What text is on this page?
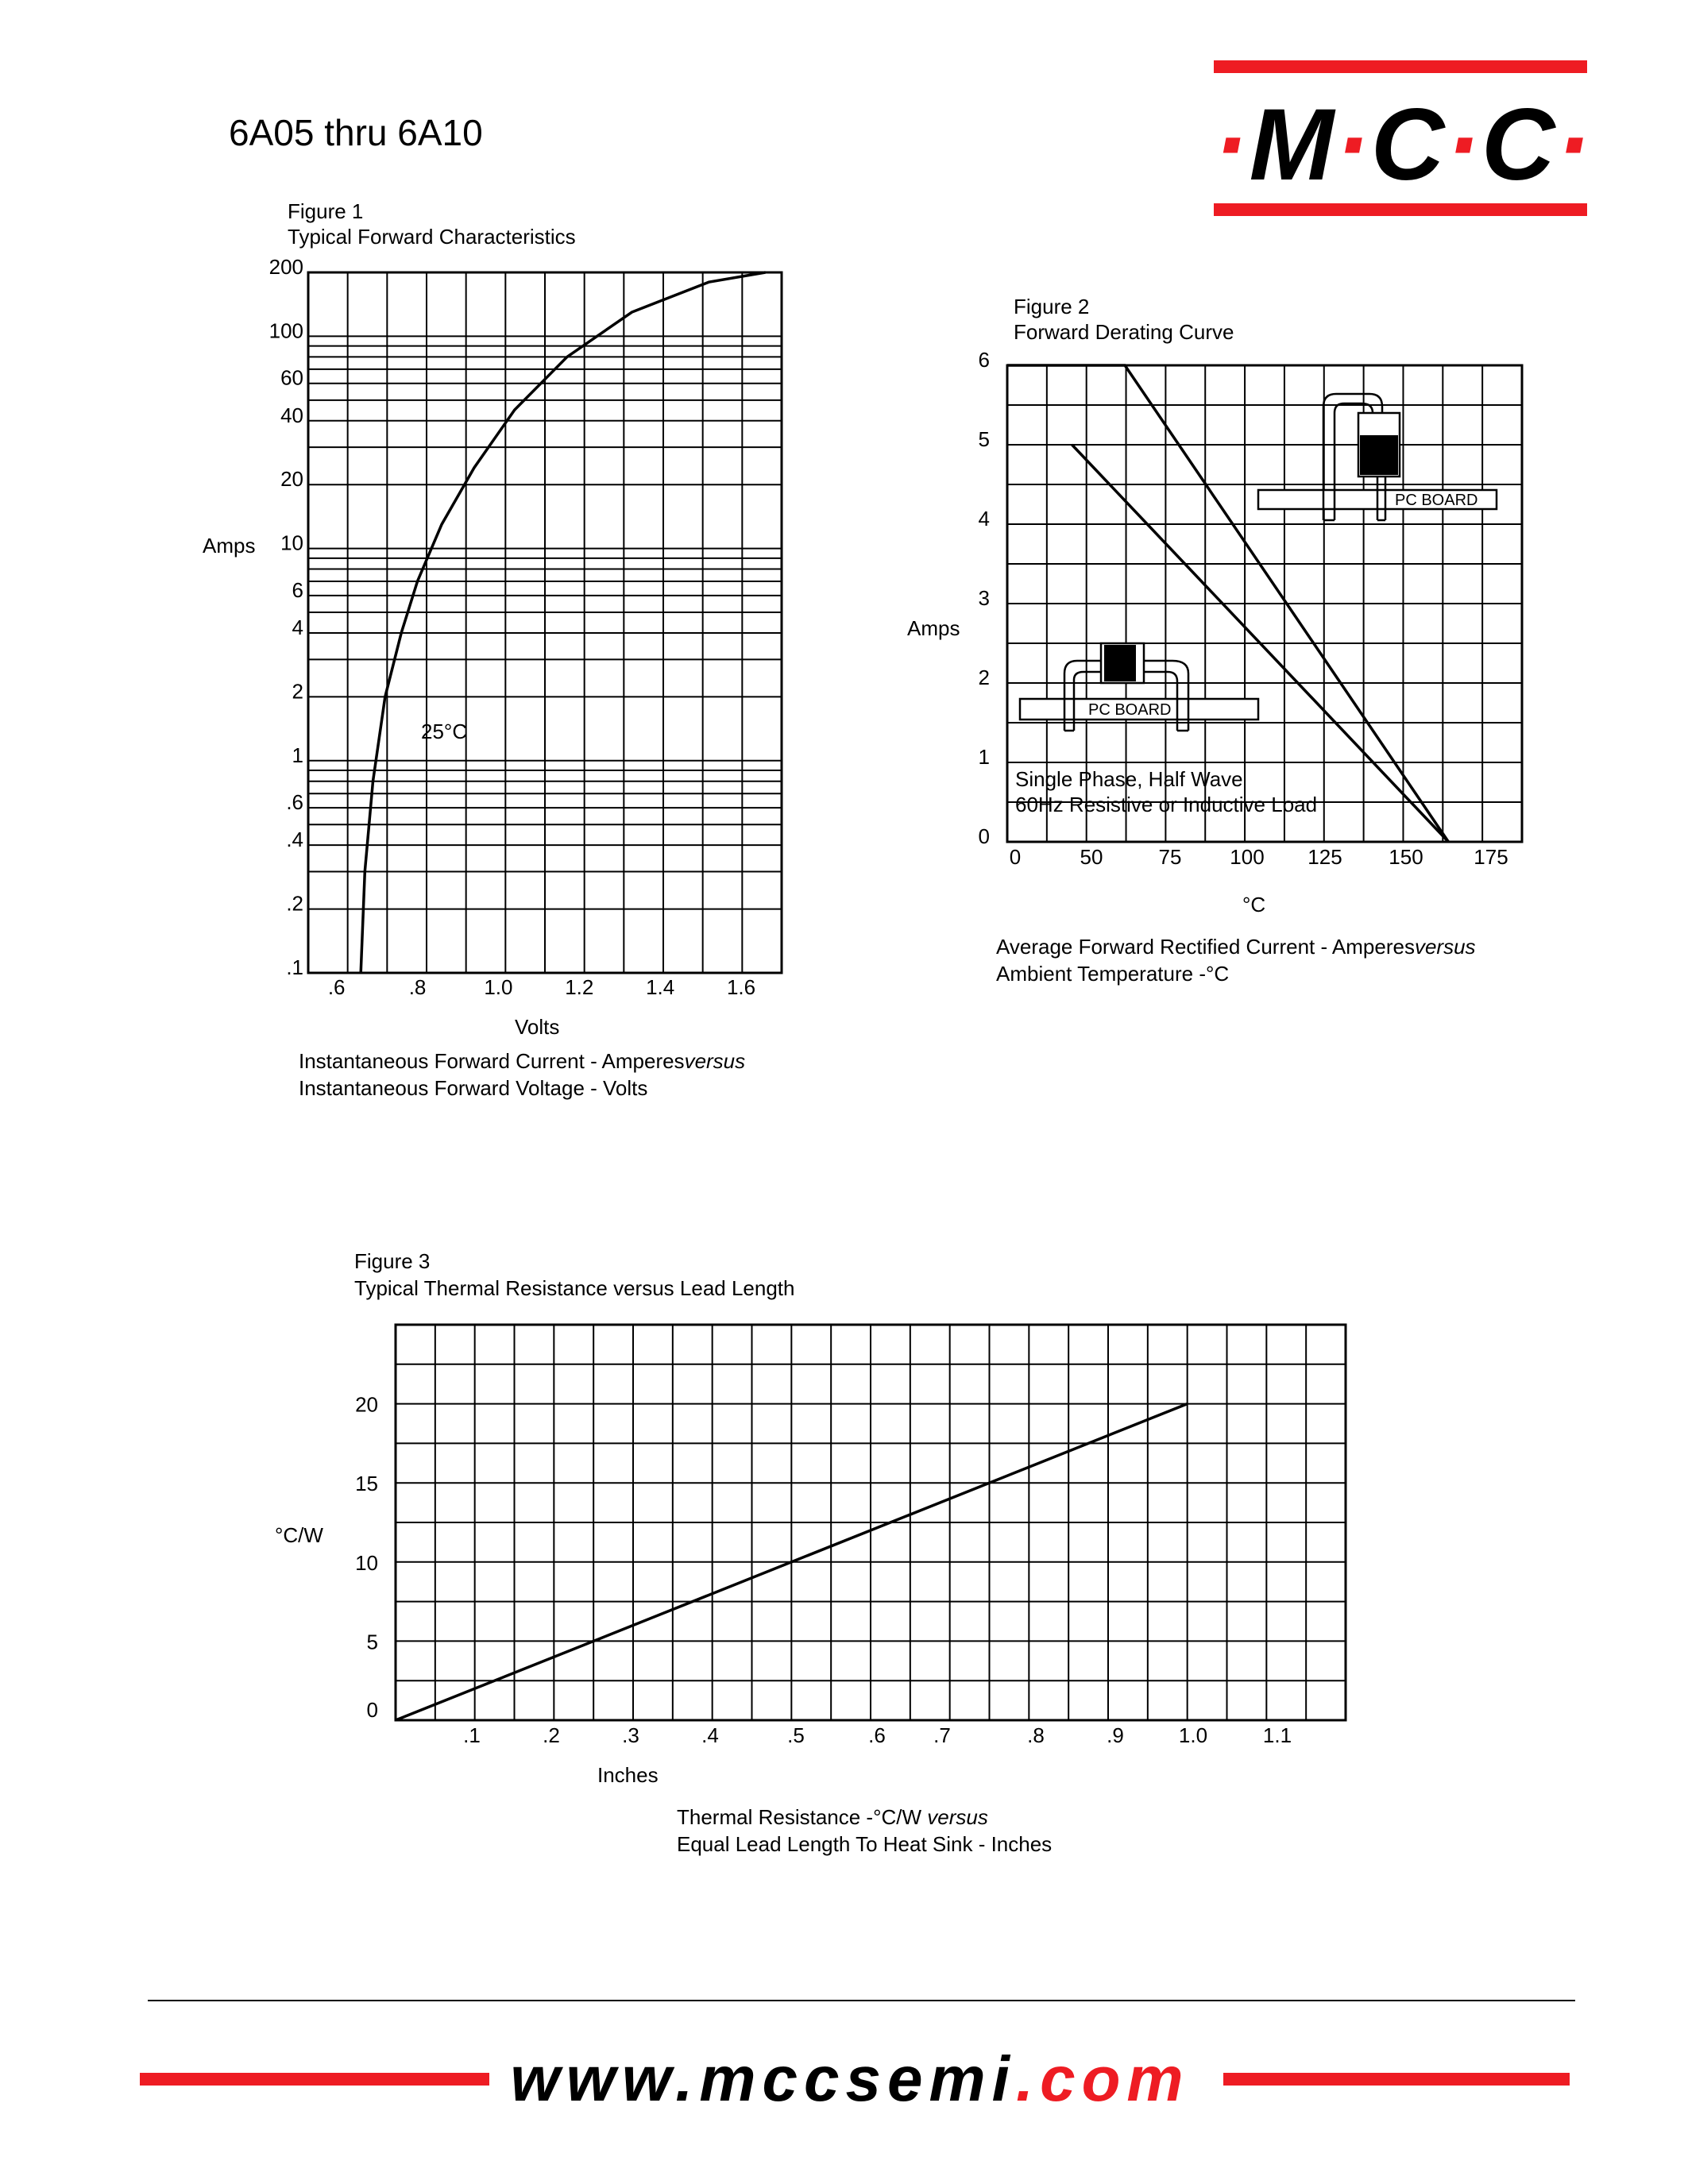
6A05 thru 6A10	·M·C·C·
Figure 1
Typical Forward Characteristics
200
100
60
40
20
10
6
4
2
1
.6
.4
.2
.1
.6	.8	1.0	1.2	1.4	1.6
25°C
Amps
Volts
6
5
4
3
2
1
0
0	50	75 100 125 150 175
PC BOARD
PC BOARD
Single Phase, Half Wave
60Hz Resistive or Inductive Load
Amps
°C
20
15
10
5
0
.1	.2	.3	.4	.5	.6 .7	.8	.9	1.0	1.1
°C/W
Inches
Instantaneous Forward Current - Amperesversus
Instantaneous Forward Voltage - Volts
Figure 2
Forward Derating Curve
Average Forward Rectified Current - Amperesversus
Ambient Temperature -°C
Figure 3
Typical Thermal Resistance versus Lead Length
Thermal Resistance -°C/W versus
Equal Lead Length To Heat Sink - Inches
www.mccsemi.com
